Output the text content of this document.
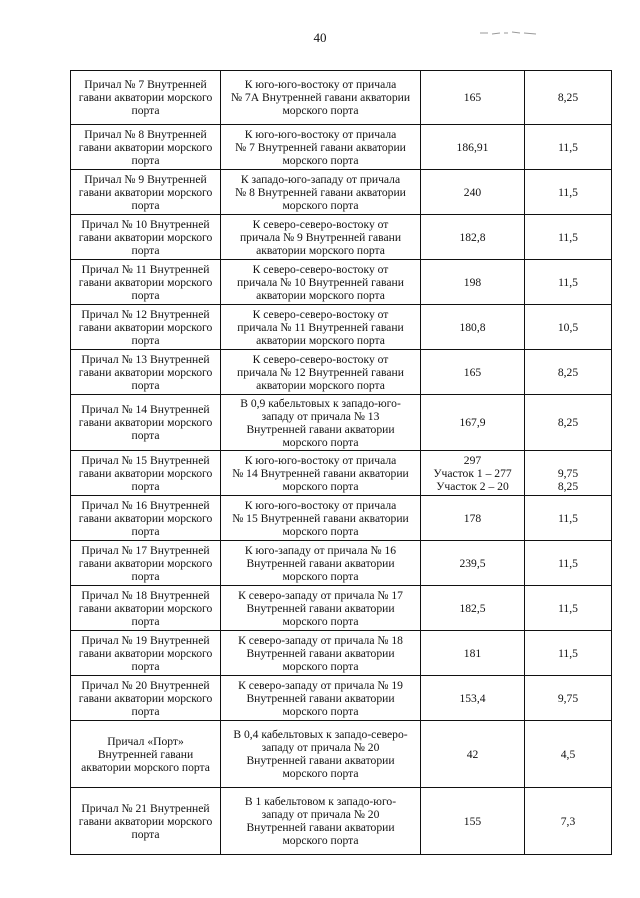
40
Причал № 7 Внутренней
гавани акватории морского
порта	К юго-юго-востоку от причала
№ 7А Внутренней гавани акватории
морского порта	165	8,25

Причал № 8 Внутренней
гавани акватории морского
порта	К юго-юго-востоку от причала
№ 7 Внутренней гавани акватории
морского порта	186,91	11,5

Причал № 9 Внутренней
гавани акватории морского
порта	К западо-юго-западу от причала
№ 8 Внутренней гавани акватории
морского порта	240	11,5

Причал № 10 Внутренней
гавани акватории морского
порта	К северо-северо-востоку от
причала № 9 Внутренней гавани
акватории морского порта	182,8	11,5

Причал № 11 Внутренней
гавани акватории морского
порта	К северо-северо-востоку от
причала № 10 Внутренней гавани
акватории морского порта	198	11,5

Причал № 12 Внутренней
гавани акватории морского
порта	К северо-северо-востоку от
причала № 11 Внутренней гавани
акватории морского порта	180,8	10,5

Причал № 13 Внутренней
гавани акватории морского
порта	К северо-северо-востоку от
причала № 12 Внутренней гавани
акватории морского порта	165	8,25

Причал № 14 Внутренней
гавани акватории морского
порта	В 0,9 кабельтовых к западо-юго-
западу от причала № 13
Внутренней гавани акватории
морского порта	167,9	8,25

Причал № 15 Внутренней
гавани акватории морского
порта	К юго-юго-востоку от причала
№ 14 Внутренней гавани акватории
морского порта	297
Участок 1 – 277
Участок 2 – 20	9,75
8,25

Причал № 16 Внутренней
гавани акватории морского
порта	К юго-юго-востоку от причала
№ 15 Внутренней гавани акватории
морского порта	178	11,5

Причал № 17 Внутренней
гавани акватории морского
порта	К юго-западу от причала № 16
Внутренней гавани акватории
морского порта	239,5	11,5

Причал № 18 Внутренней
гавани акватории морского
порта	К северо-западу от причала № 17
Внутренней гавани акватории
морского порта	182,5	11,5

Причал № 19 Внутренней
гавани акватории морского
порта	К северо-западу от причала № 18
Внутренней гавани акватории
морского порта	181	11,5

Причал № 20 Внутренней
гавани акватории морского
порта	К северо-западу от причала № 19
Внутренней гавани акватории
морского порта	153,4	9,75

Причал «Порт»
Внутренней гавани
акватории морского порта	В 0,4 кабельтовых к западо-северо-
западу от причала № 20
Внутренней гавани акватории
морского порта	42	4,5

Причал № 21 Внутренней
гавани акватории морского
порта	В 1 кабельтовом к западо-юго-
западу от причала № 20
Внутренней гавани акватории
морского порта	155	7,3
